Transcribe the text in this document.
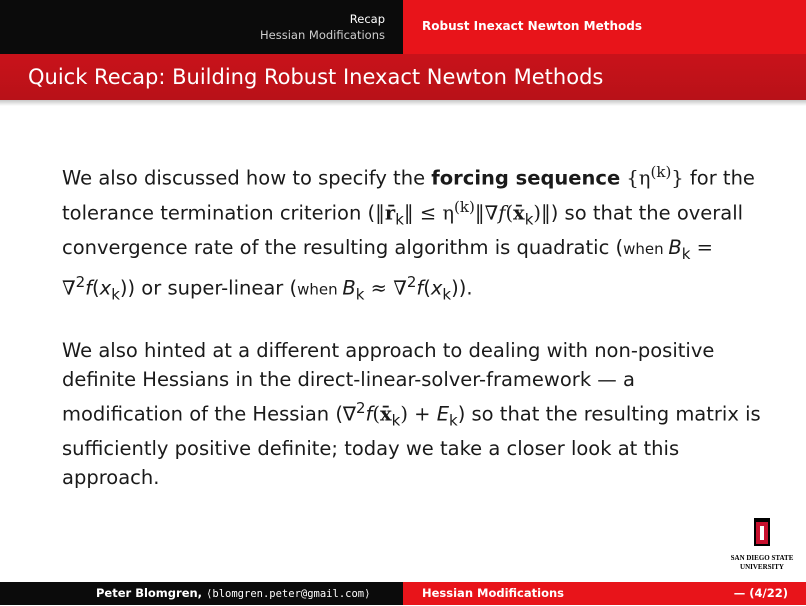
Recap
Hessian Modifications
Robust Inexact Newton Methods
Quick Recap: Building Robust Inexact Newton Methods

We also discussed how to specify the forcing sequence $\{\eta^{(k)}\}$ for the tolerance termination criterion ($‖r̄_k‖$ ≤ $\eta^{(k)}‖\nabla f(x̄_k)‖$) so that the overall convergence rate of the resulting algorithm is quadratic (when $B_k = \nabla^2f(x_k)$) or super-linear (when $B_k \approx \nabla^2f(x_k)$).

We also hinted at a different approach to dealing with non-positive definite Hessians in the direct-linear-solver-framework — a modification of the Hessian $(\nabla^2f(x̄_k) + E_k)$ so that the resulting matrix is sufficiently positive definite; today we take a closer look at this approach.

SAN DIEGO STATE
UNIVERSITY
Peter Blomgren, ⟨blomgren.peter@gmail.com⟩	Hessian Modifications	— (4/22)
